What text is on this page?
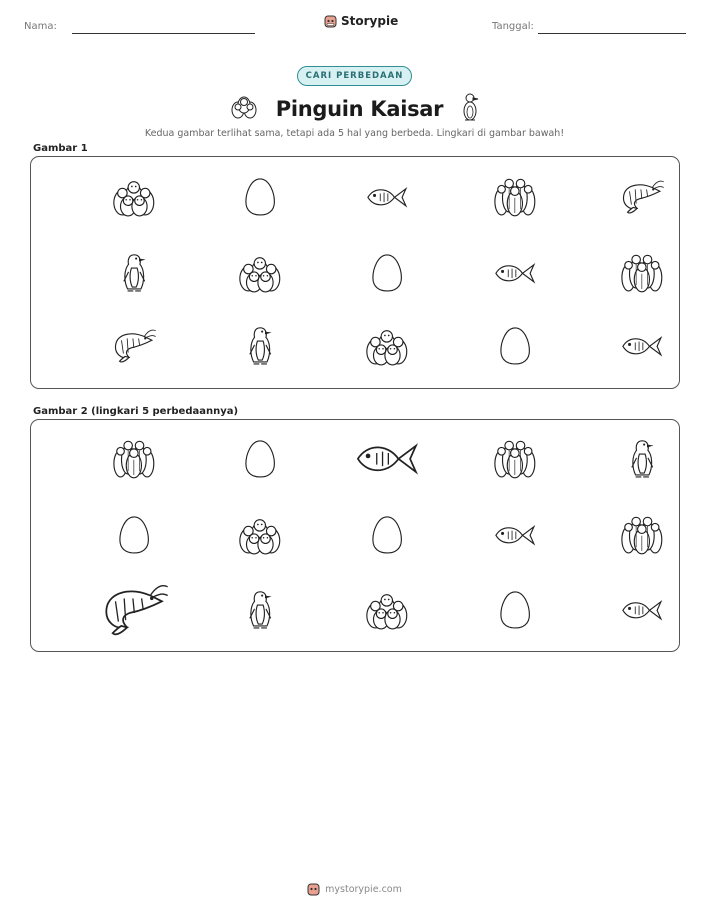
Nama:	Storypie	Tanggal:
CARI PERBEDAAN
Pinguin Kaisar
Kedua gambar terlihat sama, tetapi ada 5 hal yang berbeda. Lingkari di gambar bawah!
Gambar 1
Gambar 2 (lingkari 5 perbedaannya)
mystorypie.com
